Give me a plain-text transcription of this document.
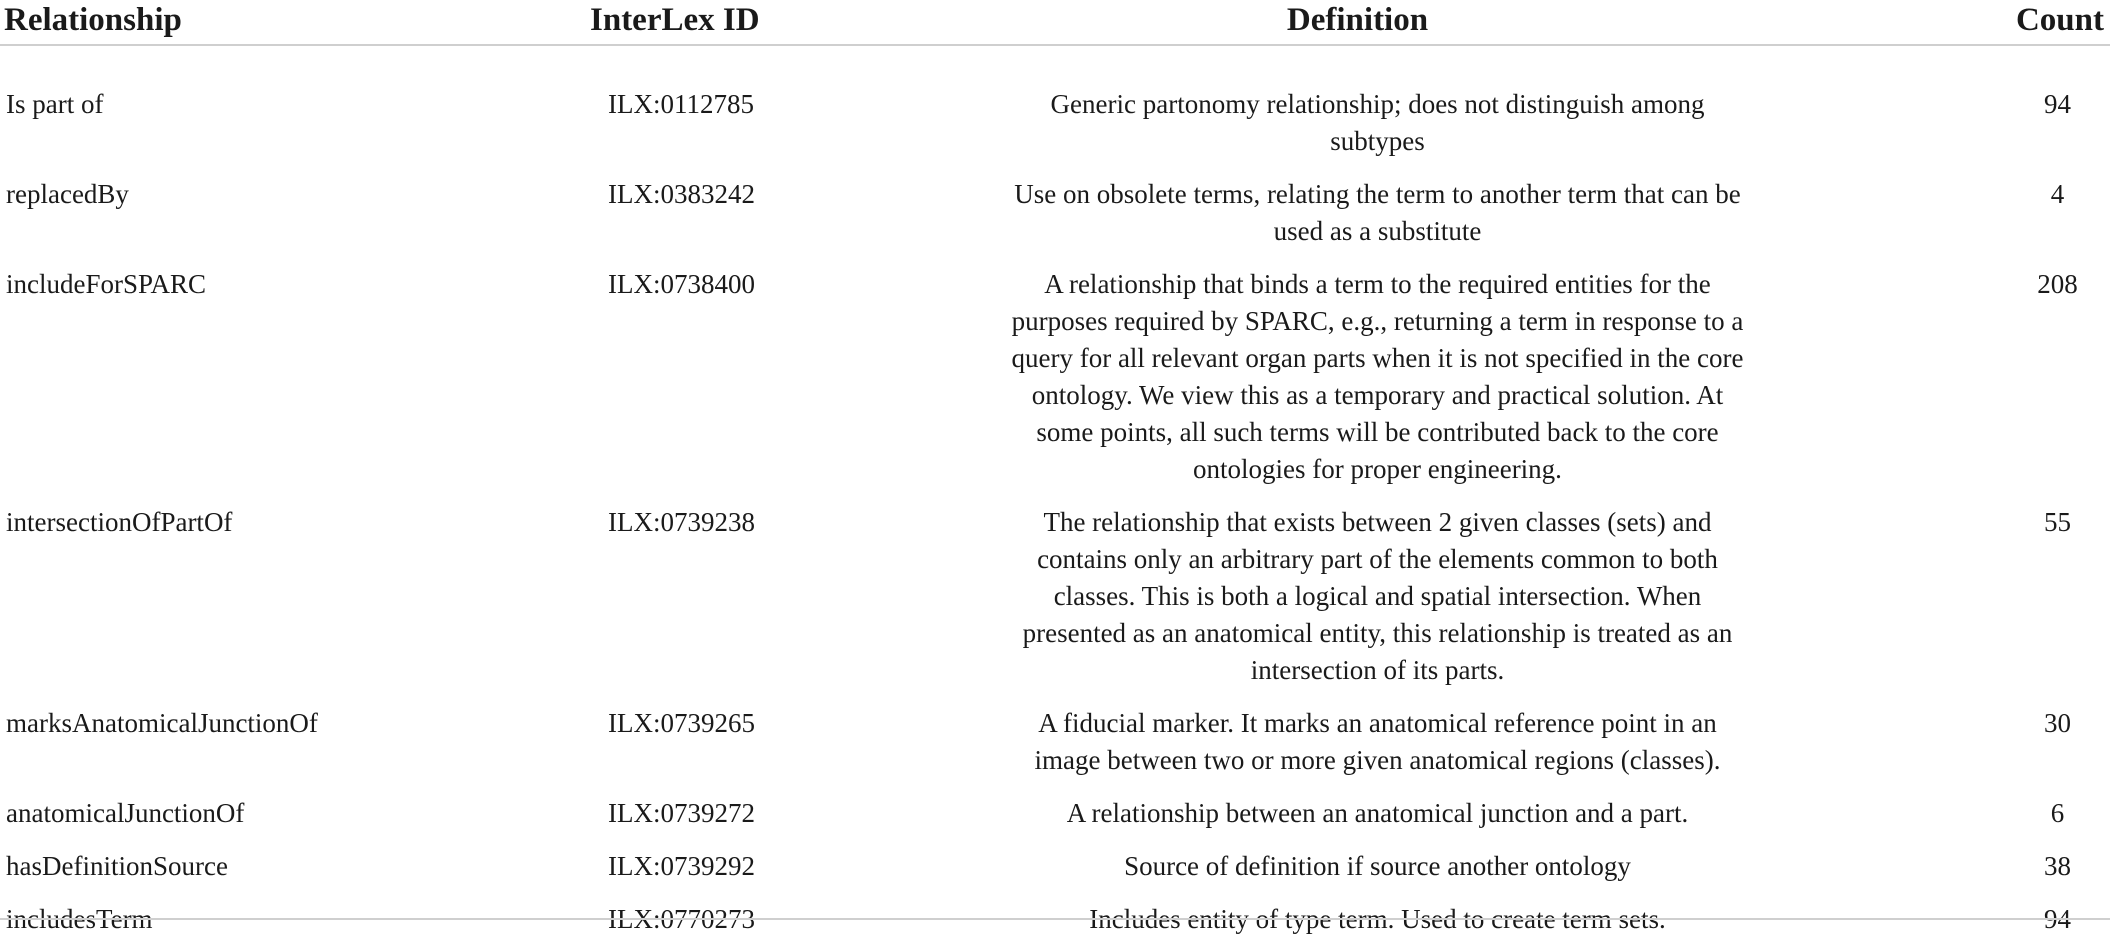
Relationship	InterLex ID	Definition	Count
Is part of	ILX:0112785	Generic partonomy relationship; does not distinguish among subtypes	94
replacedBy	ILX:0383242	Use on obsolete terms, relating the term to another term that can be used as a substitute	4
includeForSPARC	ILX:0738400	A relationship that binds a term to the required entities for the purposes required by SPARC, e.g., returning a term in response to a query for all relevant organ parts when it is not specified in the core ontology. We view this as a temporary and practical solution. At some points, all such terms will be contributed back to the core ontologies for proper engineering.	208
intersectionOfPartOf	ILX:0739238	The relationship that exists between 2 given classes (sets) and contains only an arbitrary part of the elements common to both classes. This is both a logical and spatial intersection. When presented as an anatomical entity, this relationship is treated as an intersection of its parts.	55
marksAnatomicalJunctionOf	ILX:0739265	A fiducial marker. It marks an anatomical reference point in an image between two or more given anatomical regions (classes).	30
anatomicalJunctionOf	ILX:0739272	A relationship between an anatomical junction and a part.	6
hasDefinitionSource	ILX:0739292	Source of definition if source another ontology	38
includesTerm	ILX:0770273	Includes entity of type term. Used to create term sets.	94
